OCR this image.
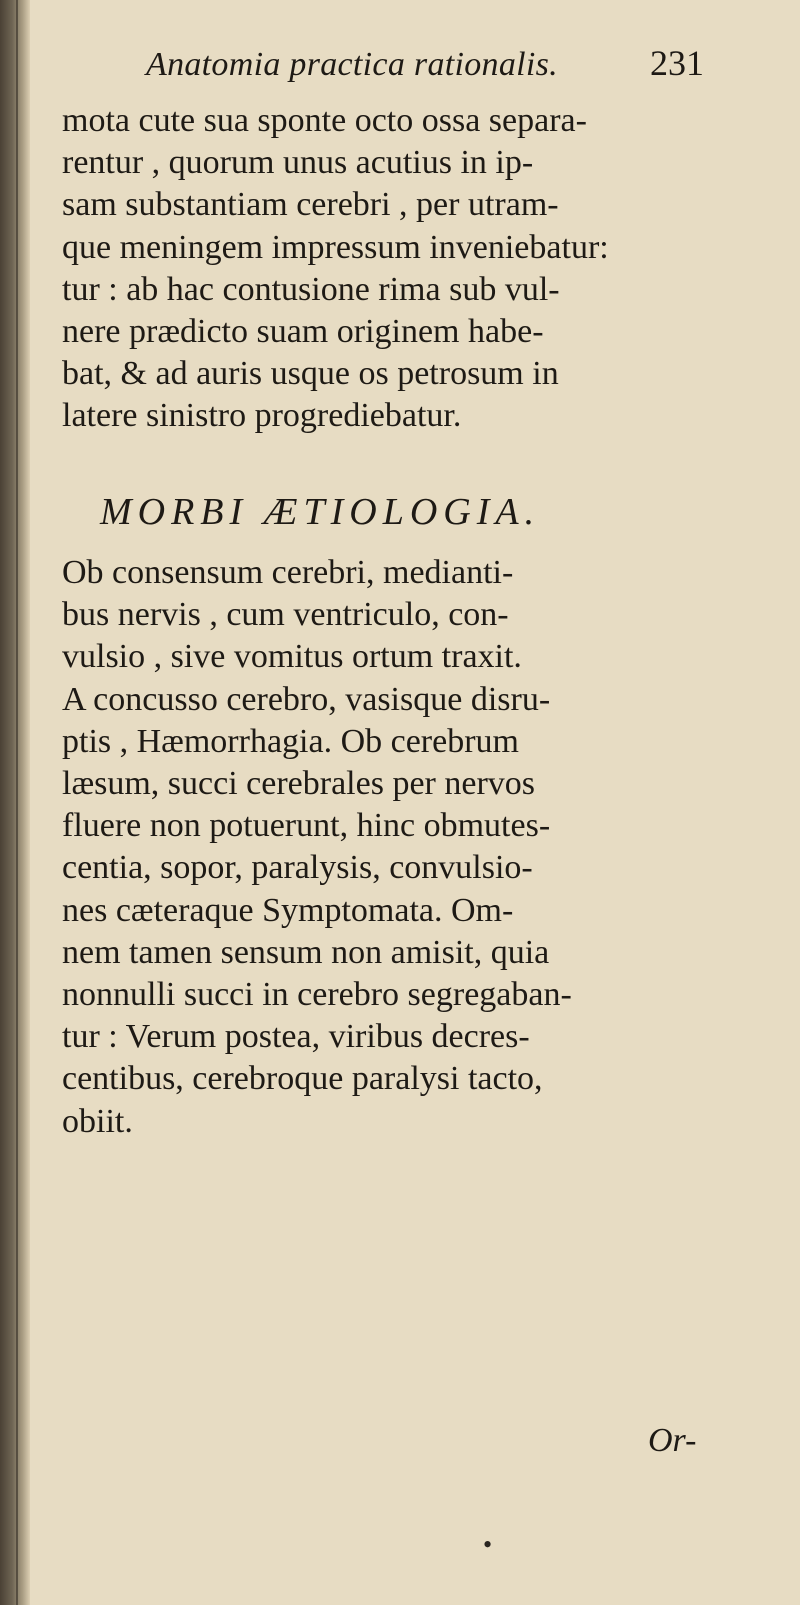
Anatomia practica rationalis.	231
mota cute sua sponte octo ossa separa-
rentur , quorum unus acutius in ip-
sam substantiam cerebri , per utram-
que meningem impressum inveniebatur:
tur : ab hac contusione rima sub vul-
nere prædicto suam originem habe-
bat, & ad auris usque os petrosum in
latere sinistro progrediebatur.
MORBI ÆTIOLOGIA.
Ob consensum cerebri, medianti-
bus nervis , cum ventriculo, con-
vulsio , sive vomitus ortum traxit.
A concusso cerebro, vasisque disru-
ptis , Hæmorrhagia. Ob cerebrum
læsum, succi cerebrales per nervos
fluere non potuerunt, hinc obmutes-
centia, sopor, paralysis, convulsio-
nes cæteraque Symptomata. Om-
nem tamen sensum non amisit, quia
nonnulli succi in cerebro segregaban-
tur : Verum postea, viribus decres-
centibus, cerebroque paralysi tacto,
obiit.
Or-
•
